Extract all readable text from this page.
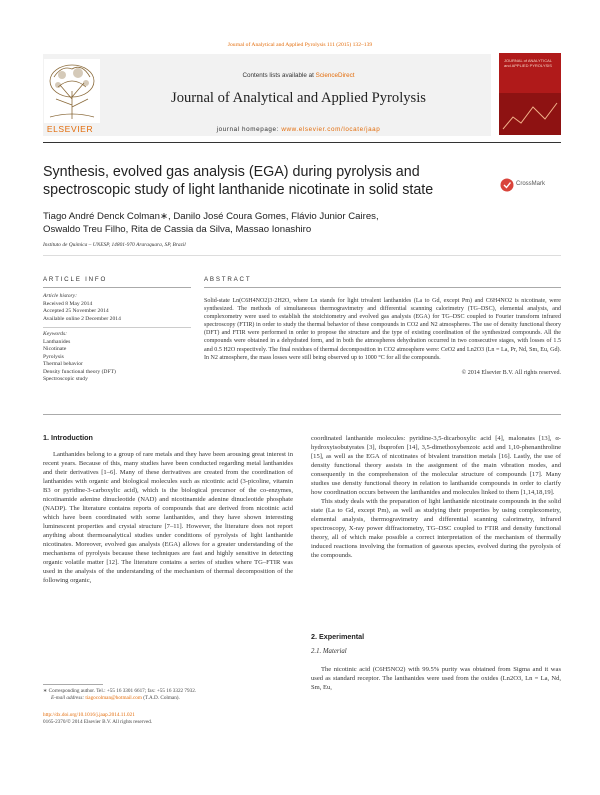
Journal of Analytical and Applied Pyrolysis 111 (2015) 132–139
ELSEVIER
Contents lists available at ScienceDirect
Journal of Analytical and Applied Pyrolysis
journal homepage: www.elsevier.com/locate/jaap
JOURNAL of ANALYTICAL and APPLIED PYROLYSIS
Synthesis, evolved gas analysis (EGA) during pyrolysis and spectroscopic study of light lanthanide nicotinate in solid state	CrossMark
Tiago André Denck Colman∗, Danilo José Coura Gomes, Flávio Junior Caires,
Oswaldo Treu Filho, Rita de Cassia da Silva, Massao Ionashiro
Instituto de Química – UNESP, 14801-970 Araraquara, SP, Brazil
ARTICLE INFO
Article history:
Received 8 May 2014
Accepted 25 November 2014
Available online 2 December 2014
Keywords:
Lanthanides
Nicotinate
Pyrolysis
Thermal behavior
Density functional theory (DFT)
Spectroscopic study
ABSTRACT
Solid-state Ln(C6H4NO2)3·2H2O, where Ln stands for light trivalent lanthanides (La to Gd, except Pm) and C6H4NO2 is nicotinate, were synthesized. The methods of simultaneous thermogravimetry and differential scanning calorimetry (TG–DSC), elemental analysis, and complexometry were used to establish the stoichiometry and evolved gas analysis (EGA) for TG–DSC coupled to Fourier transform infrared spectroscopy (FTIR) in order to study the thermal behavior of these compounds in CO2 and N2 atmospheres. The use of density functional theory (DFT) and FTIR were performed in order to propose the structure and the type of existing coordination of the synthesized compounds. All the compounds were obtained in a dehydrated form, and in both the atmospheres dehydration occurred in two consecutive stages, with losses of 1.5 and 0.5 H2O respectively. The final residues of thermal decomposition in CO2 atmosphere were: CeO2 and Ln2O3 (Ln = La, Pr, Nd, Sm, Eu, Gd). In N2 atmosphere, the mass losses were still being observed up to 1000 °C for all the compounds.
© 2014 Elsevier B.V. All rights reserved.
1. Introduction

Lanthanides belong to a group of rare metals and they have been arousing great interest in recent years. Because of this, many studies have been conducted regarding metal lanthanides and their derivatives [1–6]. Many of these derivatives are created from the coordination of lanthanides with organic and biological molecules such as nicotinic acid (3-picoline, vitamin B3 or pyridine-3-carboxylic acid), which is the biological precursor of the co-enzymes, nicotinamide adenine dinucleotide (NAD) and nicotinamide adenine dinucleotide phosphate (NADP). The literature contains reports of compounds that are derived from nicotinic acid which have been coordinated with some lanthanides, and they have shown interesting luminescent properties and crystal structure [7–11]. However, the literature does not report anything about thermoanalytical studies under conditions of pyrolysis of light lanthanide nicotinates. Moreover, evolved gas analysis (EGA) allows for a greater understanding of the mechanisms of pyrolysis because these techniques are fast and highly sensitive in detecting organic volatile matter [12]. The literature contains a series of studies where TG–FTIR was used in the analysis of the understanding of the mechanism of thermal decomposition of the following organic,

coordinated lanthanide molecules: pyridine-3,5-dicarboxylic acid [4], malonates [13], α-hydroxyisobutyrates [3], ibuprofen [14], 3,5-dimethoxybenzoic acid and 1,10-phenanthroline [15], as well as the EGA of nicotinates of bivalent transition metals [16]. Lastly, the use of density functional theory assists in the assignment of the main vibration modes, and consequently in the comprehension of the molecular structure of compounds [17]. Many studies use density functional theory in relation to lanthanide compounds in order to clarify how coordination occurs between the lanthanides and molecules linked to them [1,14,18,19].

This study deals with the preparation of light lanthanide nicotinate compounds in the solid state (La to Gd, except Pm), as well as studying their properties by using complexometry, elemental analysis, thermogravimetry and differential scanning calorimetry, infrared spectroscopy, X-ray power diffractometry, TG–DSC coupled to FTIR and density functional theory, all of which make possible a correct interpretation of the mechanism of thermally induced reactions involving the formation of gaseous species, evolved during the pyrolysis of the compounds.

2. Experimental
2.1. Material

The nicotinic acid (C6H5NO2) with 99.5% purity was obtained from Sigma and it was used as standard receptor. The lanthanides were used from the oxides (Ln2O3, Ln = La, Nd, Sm, Eu,

∗ Corresponding author. Tel.: +55 16 3301 6617; fax: +55 16 3322 7932.
E-mail address: tiagocolman@hotmail.com (T.A.D. Colman).
http://dx.doi.org/10.1016/j.jaap.2014.11.021
0165-2370/© 2014 Elsevier B.V. All rights reserved.
